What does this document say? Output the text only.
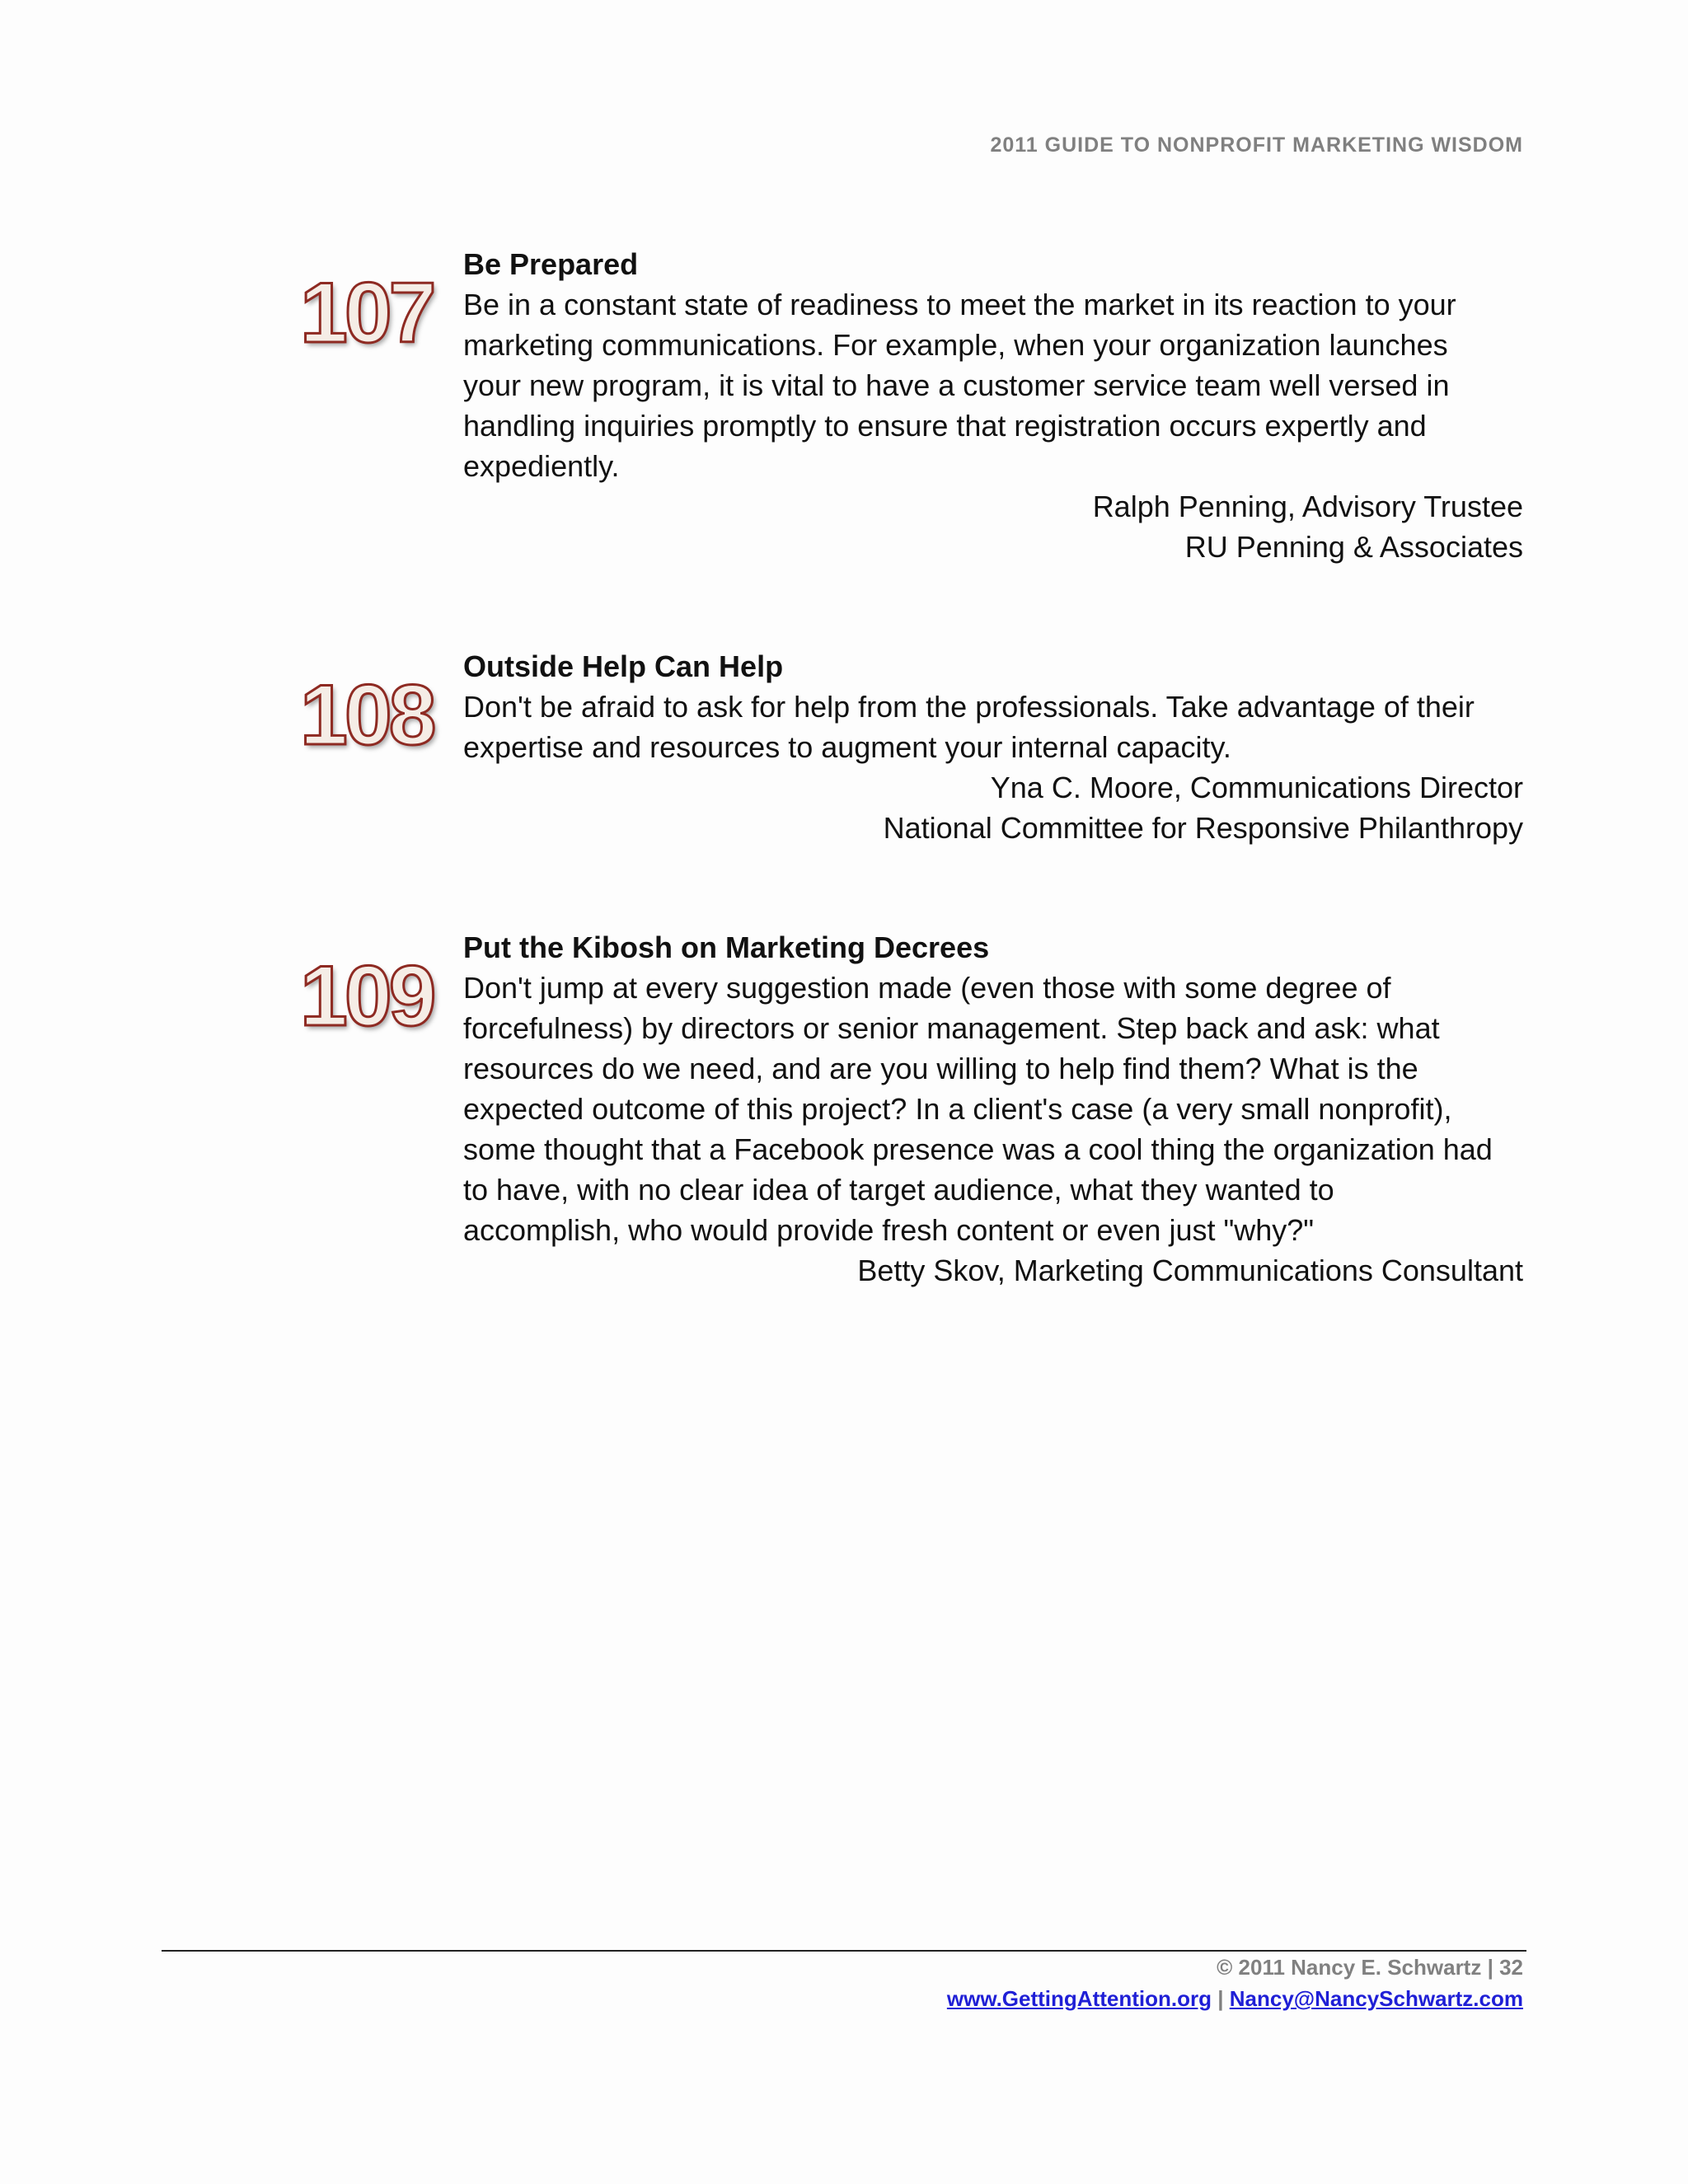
2011 GUIDE TO NONPROFIT MARKETING WISDOM
107
Be Prepared
Be in a constant state of readiness to meet the market in its reaction to your
marketing communications. For example, when your organization launches
your new program, it is vital to have a customer service team well versed in
handling inquiries promptly to ensure that registration occurs expertly and
expediently.
Ralph Penning, Advisory Trustee
RU Penning & Associates
108
Outside Help Can Help
Don't be afraid to ask for help from the professionals. Take advantage of their
expertise and resources to augment your internal capacity.
Yna C. Moore, Communications Director
National Committee for Responsive Philanthropy
109
Put the Kibosh on Marketing Decrees
Don't jump at every suggestion made (even those with some degree of
forcefulness) by directors or senior management. Step back and ask: what
resources do we need, and are you willing to help find them? What is the
expected outcome of this project? In a client's case (a very small nonprofit),
some thought that a Facebook presence was a cool thing the organization had
to have, with no clear idea of target audience, what they wanted to
accomplish, who would provide fresh content or even just "why?"
Betty Skov, Marketing Communications Consultant
© 2011 Nancy E. Schwartz | 32
www.GettingAttention.org | Nancy@NancySchwartz.com
